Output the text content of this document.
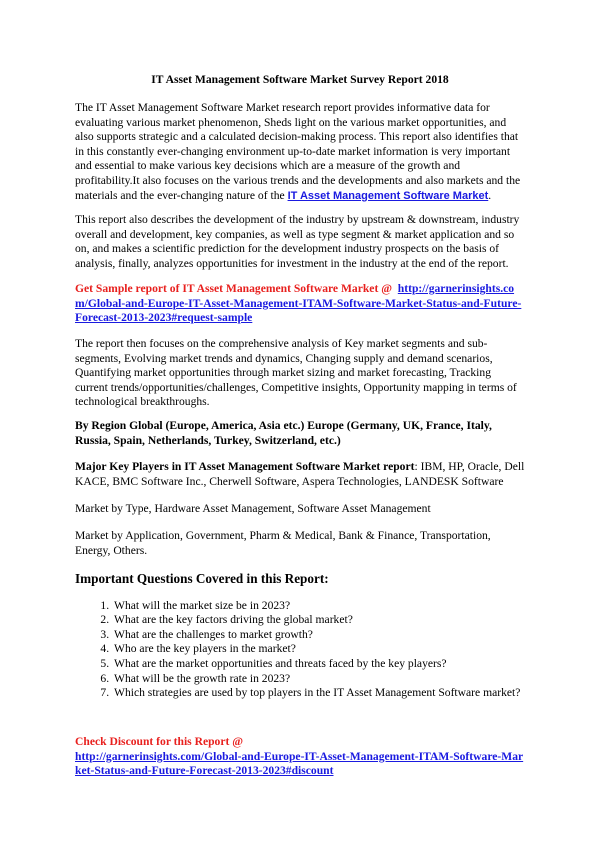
IT Asset Management Software Market Survey Report 2018

The IT Asset Management Software Market research report provides informative data for evaluating various market phenomenon, Sheds light on the various market opportunities, and also supports strategic and a calculated decision-making process. This report also identifies that in this constantly ever-changing environment up-to-date market information is very important and essential to make various key decisions which are a measure of the growth and profitability.It also focuses on the various trends and the developments and also markets and the materials and the ever-changing nature of the IT Asset Management Software Market.

This report also describes the development of the industry by upstream & downstream, industry overall and development, key companies, as well as type segment & market application and so on, and makes a scientific prediction for the development industry prospects on the basis of analysis, finally, analyzes opportunities for investment in the industry at the end of the report.

Get Sample report of IT Asset Management Software Market @ http://garnerinsights.com/Global-and-Europe-IT-Asset-Management-ITAM-Software-Market-Status-and-Future-Forecast-2013-2023#request-sample

The report then focuses on the comprehensive analysis of Key market segments and sub-segments, Evolving market trends and dynamics, Changing supply and demand scenarios, Quantifying market opportunities through market sizing and market forecasting, Tracking current trends/opportunities/challenges, Competitive insights, Opportunity mapping in terms of technological breakthroughs.

By Region Global (Europe, America, Asia etc.) Europe (Germany, UK, France, Italy, Russia, Spain, Netherlands, Turkey, Switzerland, etc.)

Major Key Players in IT Asset Management Software Market report: IBM, HP, Oracle, Dell KACE, BMC Software Inc., Cherwell Software, Aspera Technologies, LANDESK Software

Market by Type, Hardware Asset Management, Software Asset Management

Market by Application, Government, Pharm & Medical, Bank & Finance, Transportation, Energy, Others.

Important Questions Covered in this Report:
1. What will the market size be in 2023?
2. What are the key factors driving the global market?
3. What are the challenges to market growth?
4. Who are the key players in the market?
5. What are the market opportunities and threats faced by the key players?
6. What will be the growth rate in 2023?
7. Which strategies are used by top players in the IT Asset Management Software market?

Check Discount for this Report @

http://garnerinsights.com/Global-and-Europe-IT-Asset-Management-ITAM-Software-Market-Status-and-Future-Forecast-2013-2023#discount
